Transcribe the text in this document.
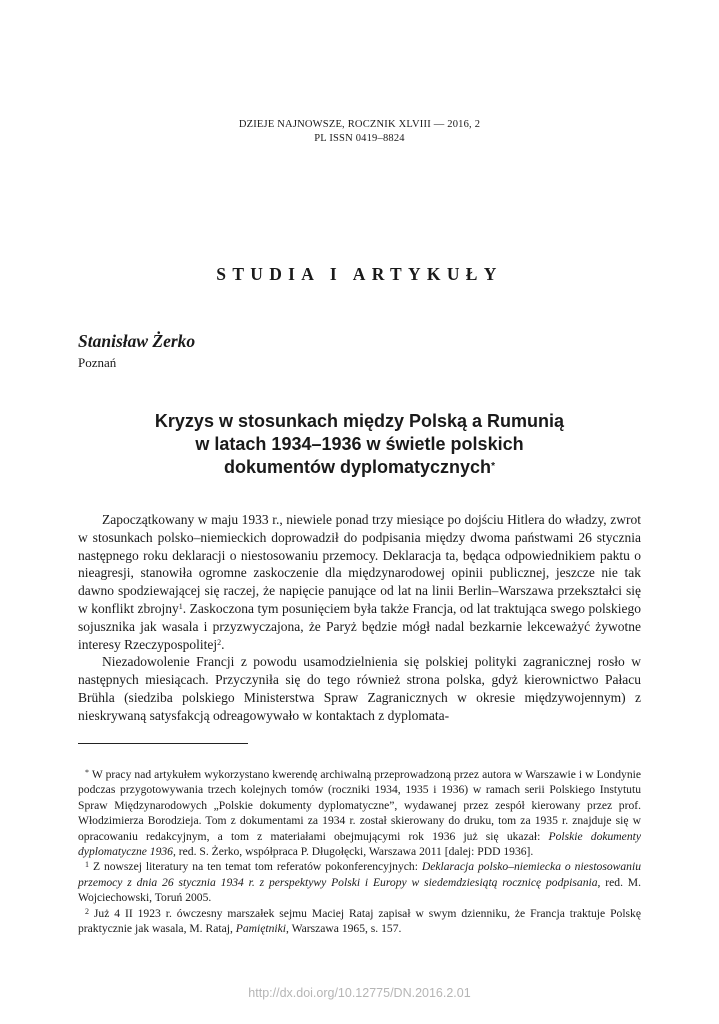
DZIEJE NAJNOWSZE, ROCZNIK XLVIII — 2016, 2
PL ISSN 0419–8824
STUDIA I ARTYKUŁY
Stanisław Żerko
Poznań
Kryzys w stosunkach między Polską a Rumunią
w latach 1934–1936 w świetle polskich
dokumentów dyplomatycznych*

Zapoczątkowany w maju 1933 r., niewiele ponad trzy miesiące po dojściu Hitlera do władzy, zwrot w stosunkach polsko–niemieckich doprowadził do podpisania między dwoma państwami 26 stycznia następnego roku deklaracji o niestosowaniu przemocy. Deklaracja ta, będąca odpowiednikiem paktu o nieagresji, stanowiła ogromne zaskoczenie dla międzynarodowej opinii publicznej, jeszcze nie tak dawno spodziewającej się raczej, że napięcie panujące od lat na linii Berlin–Warszawa przekształci się w konflikt zbrojny$^1$. Zaskoczona tym posunięciem była także Francja, od lat traktująca swego polskiego sojusznika jak wasala i przyzwyczajona, że Paryż będzie mógł nadal bezkarnie lekceważyć żywotne interesy Rzeczypospolitej$^2$.

Niezadowolenie Francji z powodu usamodzielnienia się polskiej polityki zagranicznej rosło w następnych miesiącach. Przyczyniła się do tego również strona polska, gdyż kierownictwo Pałacu Brühla (siedziba polskiego Ministerstwa Spraw Zagranicznych w okresie międzywojennym) z nieskrywaną satysfakcją odreagowywało w kontaktach z dyplomata-

* W pracy nad artykułem wykorzystano kwerendę archiwalną przeprowadzoną przez autora w Warszawie i w Londynie podczas przygotowywania trzech kolejnych tomów (roczniki 1934, 1935 i 1936) w ramach serii Polskiego Instytutu Spraw Międzynarodowych „Polskie dokumenty dyplomatyczne”, wydawanej przez zespół kierowany przez prof. Włodzimierza Borodzieja. Tom z dokumentami za 1934 r. został skierowany do druku, tom za 1935 r. znajduje się w opracowaniu redakcyjnym, a tom z materiałami obejmującymi rok 1936 już się ukazał: Polskie dokumenty dyplomatyczne 1936, red. S. Żerko, współpraca P. Długołęcki, Warszawa 2011 [dalej: PDD 1936].

$^1$ Z nowszej literatury na ten temat tom referatów pokonferencyjnych: Deklaracja polsko–niemiecka o niestosowaniu przemocy z dnia 26 stycznia 1934 r. z perspektywy Polski i Europy w siedemdziesiątą rocznicę podpisania, red. M. Wojciechowski, Toruń 2005.

$^2$ Już 4 II 1923 r. ówczesny marszałek sejmu Maciej Rataj zapisał w swym dzienniku, że Francja traktuje Polskę praktycznie jak wasala, M. Rataj, Pamiętniki, Warszawa 1965, s. 157.

http://dx.doi.org/10.12775/DN.2016.2.01
